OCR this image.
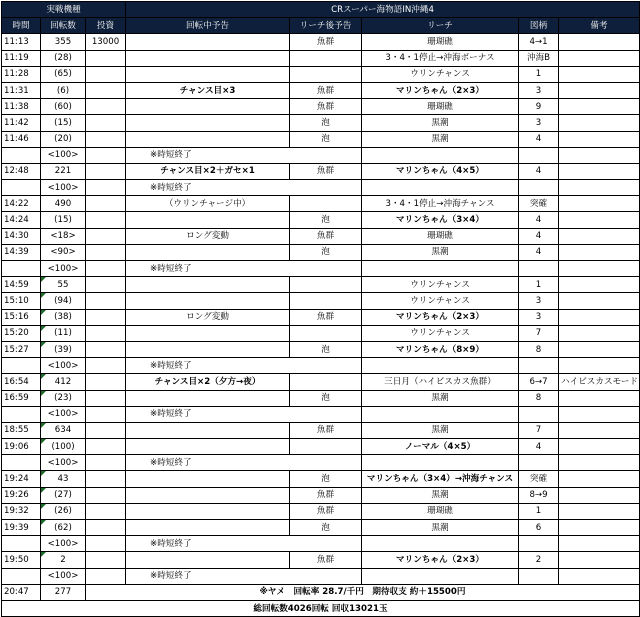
実戦機種			CRスーパー海物語IN沖縄4				
時間	回転数	投資	回転中予告	リーチ後予告	リーチ	図柄	備考
11:13	355	13000		魚群	珊瑚礁	4→1	
11:19	(28)				3・4・1停止→沖海ボーナス	沖海B	
11:28	(65)				ウリンチャンス	1	
11:31	(6)		チャンス目×3	魚群	マリンちゃん（2×3）	3	
11:38	(60)			魚群	珊瑚礁	9	
11:42	(15)			泡	黒潮	3	
11:46	(20)			泡	黒潮	4	
	<100>		※時短終了				
12:48	221		チャンス目×2＋ガセ×1	魚群	マリンちゃん（4×5）	4	
	<100>		※時短終了				
14:22	490		（ウリンチャージ中）		3・4・1停止→沖海チャンス	突確	
14:24	(15)			泡	マリンちゃん（3×4）	4	
14:30	<18>		ロング変動	魚群	珊瑚礁	4	
14:39	<90>			泡	黒潮	4	
	<100>		※時短終了				
14:59	55				ウリンチャンス	1	
15:10	(94)				ウリンチャンス	3	
15:16	(38)		ロング変動	魚群	マリンちゃん（2×3）	3	
15:20	(11)				ウリンチャンス	7	
15:27	(39)			泡	マリンちゃん（8×9）	8	
	<100>		※時短終了				
16:54	412		チャンス目×2（夕方→夜）		三日月（ハイビスカス魚群）	6→7	ハイビスカスモード
16:59	(23)			泡	黒潮	8	
	<100>		※時短終了				
18:55	634			魚群	黒潮	7	
19:06	(100)				ノーマル（4×5）	4	
	<100>		※時短終了				
19:24	43			泡	マリンちゃん（3×4）→沖海チャンス	突確	
19:26	(27)			魚群	黒潮	8→9	
19:32	(26)			魚群	珊瑚礁	1	
19:39	(62)			泡	黒潮	6	
	<100>		※時短終了				
19:50	2			魚群	マリンちゃん（2×3）	2	
	<100>		※時短終了				
20:47	277	※ヤメ　回転率 28.7/千円　期待収支 約＋15500円					
総回転数4026回転 回収13021玉							
